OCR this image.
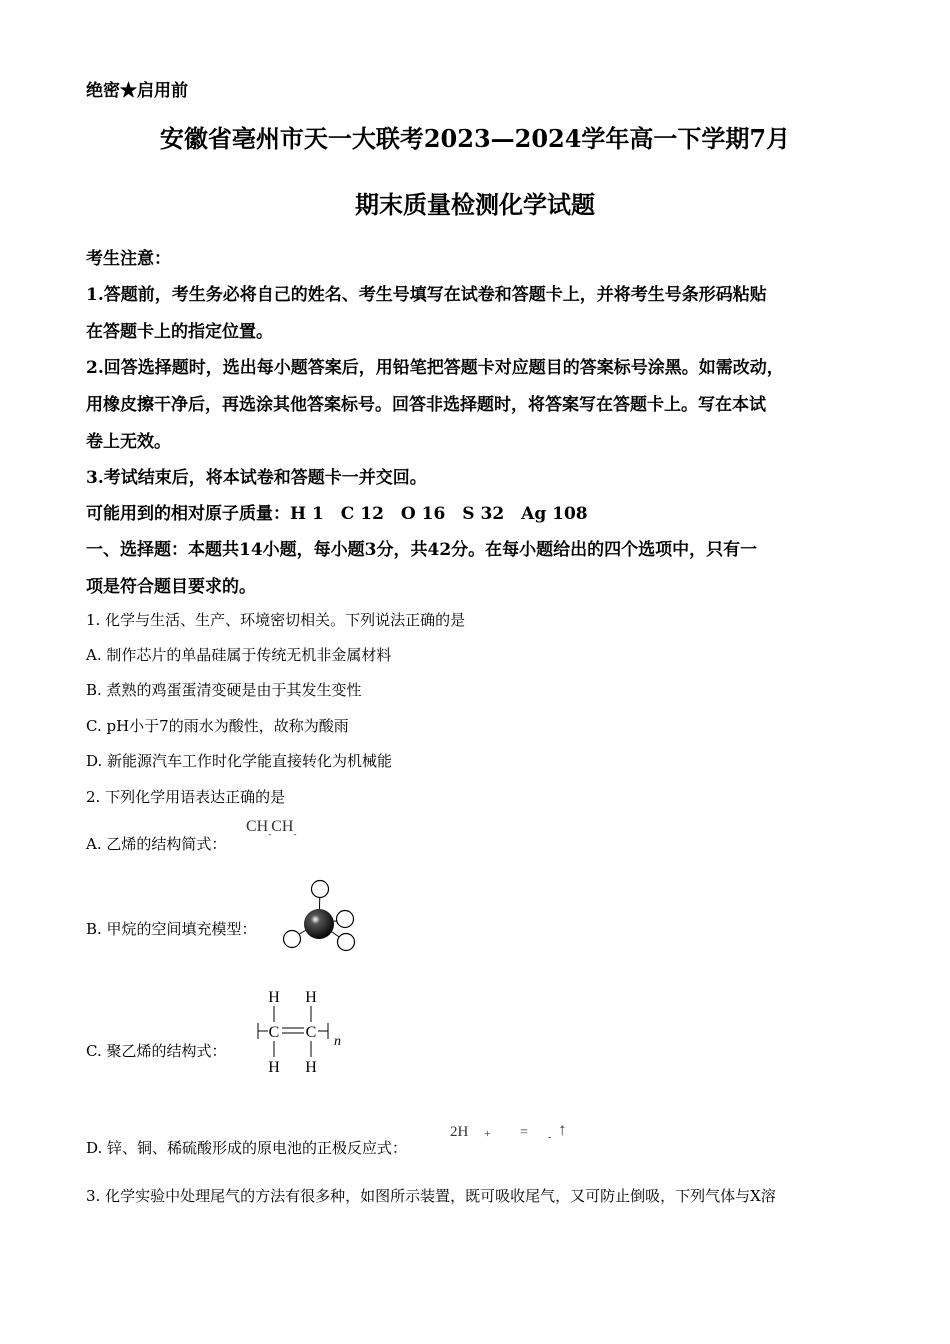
绝密★启用前
安徽省亳州市天一大联考2023—2024学年高一下学期7月
期末质量检测化学试题
考生注意：
1.答题前，考生务必将自己的姓名、考生号填写在试卷和答题卡上，并将考生号条形码粘贴
在答题卡上的指定位置。
2.回答选择题时，选出每小题答案后，用铅笔把答题卡对应题目的答案标号涂黑。如需改动，
用橡皮擦干净后，再选涂其他答案标号。回答非选择题时，将答案写在答题卡上。写在本试
卷上无效。
3.考试结束后，将本试卷和答题卡一并交回。
可能用到的相对原子质量：H 1　C 12　O 16　S 32　Ag 108
一、选择题：本题共14小题，每小题3分，共42分。在每小题给出的四个选项中，只有一
项是符合题目要求的。
1. 化学与生活、生产、环境密切相关。下列说法正确的是
A. 制作芯片的单晶硅属于传统无机非金属材料
B. 煮熟的鸡蛋蛋清变硬是由于其发生变性
C. pH小于7的雨水为酸性，故称为酸雨
D. 新能源汽车工作时化学能直接转化为机械能
2. 下列化学用语表达正确的是
A. 乙烯的结构简式：
$CH_-CH_-$
B. 甲烷的空间填充模型：
C. 聚乙烯的结构式：
H H
C C
n
H H
D. 锌、铜、稀硫酸形成的原电池的正极反应式：
2H + = - ↑
3. 化学实验中处理尾气的方法有很多种，如图所示装置，既可吸收尾气，又可防止倒吸，下列气体与X溶
